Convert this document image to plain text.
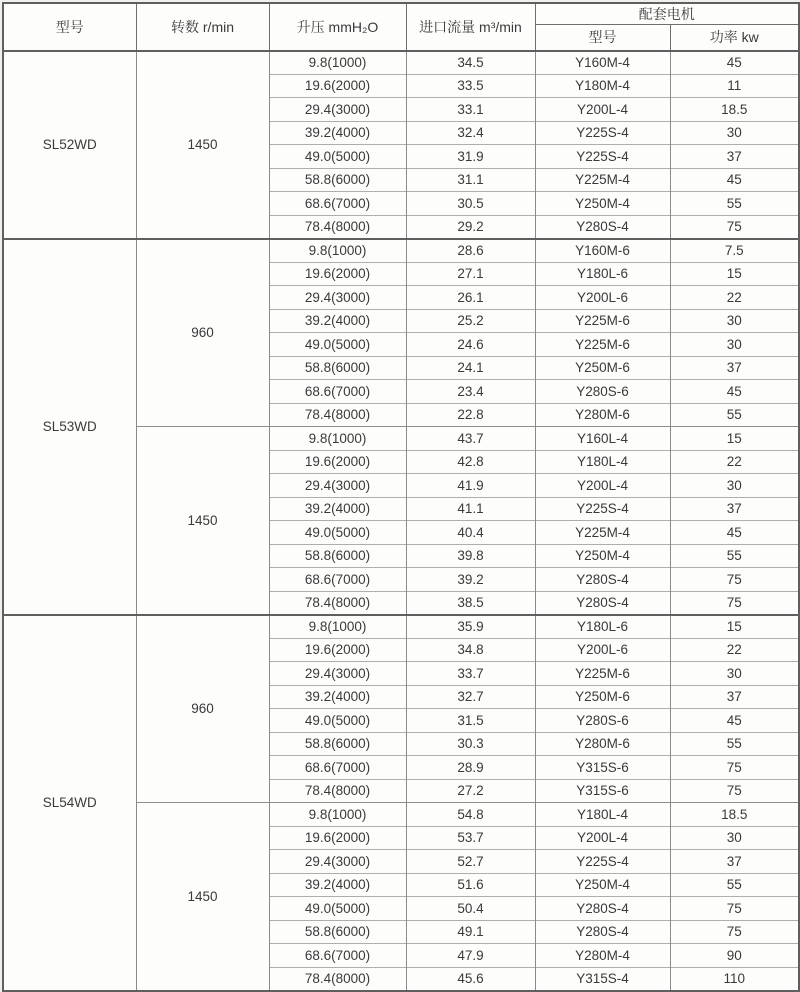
型号	转数 r/min	升压 mmH₂O	进口流量 m³/min	配套电机	
				型号	功率 kw
SL52WD	1450	9.8(1000)	34.5	Y160M-4	45
		19.6(2000)	33.5	Y180M-4	11
		29.4(3000)	33.1	Y200L-4	18.5
		39.2(4000)	32.4	Y225S-4	30
		49.0(5000)	31.9	Y225S-4	37
		58.8(6000)	31.1	Y225M-4	45
		68.6(7000)	30.5	Y250M-4	55
		78.4(8000)	29.2	Y280S-4	75
SL53WD	960	9.8(1000)	28.6	Y160M-6	7.5
		19.6(2000)	27.1	Y180L-6	15
		29.4(3000)	26.1	Y200L-6	22
		39.2(4000)	25.2	Y225M-6	30
		49.0(5000)	24.6	Y225M-6	30
		58.8(6000)	24.1	Y250M-6	37
		68.6(7000)	23.4	Y280S-6	45
		78.4(8000)	22.8	Y280M-6	55
	1450	9.8(1000)	43.7	Y160L-4	15
		19.6(2000)	42.8	Y180L-4	22
		29.4(3000)	41.9	Y200L-4	30
		39.2(4000)	41.1	Y225S-4	37
		49.0(5000)	40.4	Y225M-4	45
		58.8(6000)	39.8	Y250M-4	55
		68.6(7000)	39.2	Y280S-4	75
		78.4(8000)	38.5	Y280S-4	75
SL54WD	960	9.8(1000)	35.9	Y180L-6	15
		19.6(2000)	34.8	Y200L-6	22
		29.4(3000)	33.7	Y225M-6	30
		39.2(4000)	32.7	Y250M-6	37
		49.0(5000)	31.5	Y280S-6	45
		58.8(6000)	30.3	Y280M-6	55
		68.6(7000)	28.9	Y315S-6	75
		78.4(8000)	27.2	Y315S-6	75
	1450	9.8(1000)	54.8	Y180L-4	18.5
		19.6(2000)	53.7	Y200L-4	30
		29.4(3000)	52.7	Y225S-4	37
		39.2(4000)	51.6	Y250M-4	55
		49.0(5000)	50.4	Y280S-4	75
		58.8(6000)	49.1	Y280S-4	75
		68.6(7000)	47.9	Y280M-4	90
		78.4(8000)	45.6	Y315S-4	110
